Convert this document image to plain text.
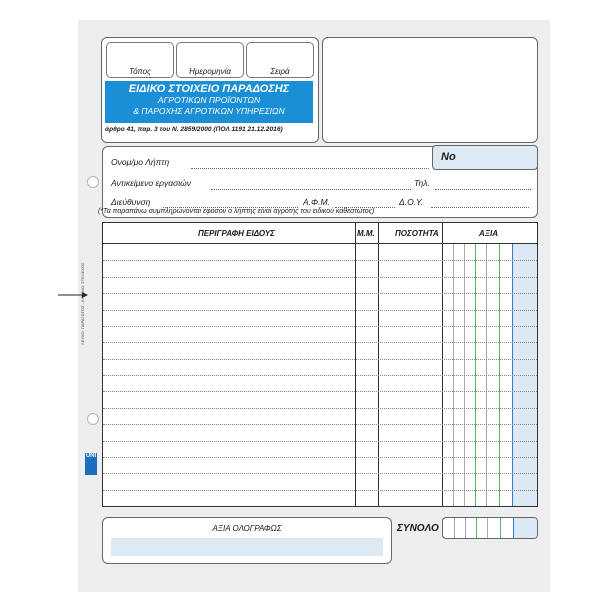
Τόπος	Ημερομηνία	Σειρά
ΕΙΔΙΚΟ ΣΤΟΙΧΕΙΟ ΠΑΡΑΔΟΣΗΣ
ΑΓΡΟΤΙΚΩΝ ΠΡΟΪΟΝΤΩΝ
& ΠΑΡΟΧΗΣ ΑΓΡΟΤΙΚΩΝ ΥΠΗΡΕΣΙΩΝ
άρθρο 41, παρ. 3 του Ν. 2859/2000 (ΠΟΛ 1191 21.12.2016)
Ονομ/μο Λήπτη
Αντικείμενο εργασιών	Τηλ.
Διεύθυνση	Α.Φ.Μ.	Δ.Ο.Υ.
Νο
(*Τα παραπάνω συμπληρώνονται εφόσον ο λήπτης είναι αγρότης του ειδικού καθεστώτος)
ΠΕΡΙΓΡΑΦΗ ΕΙΔΟΥΣ	Μ.Μ.	ΠΟΣΟΤΗΤΑ	ΑΞΙΑ
ΛΕΥΚΟ: ΠΑΡΑΓΩΓΟΣ - ΚΙΤΡΙΝΟ: ΣΤΕΛΕΧΟΣ
UNI
ΑΞΙΑ ΟΛΟΓΡΑΦΩΣ	ΣΥΝΟΛΟ
